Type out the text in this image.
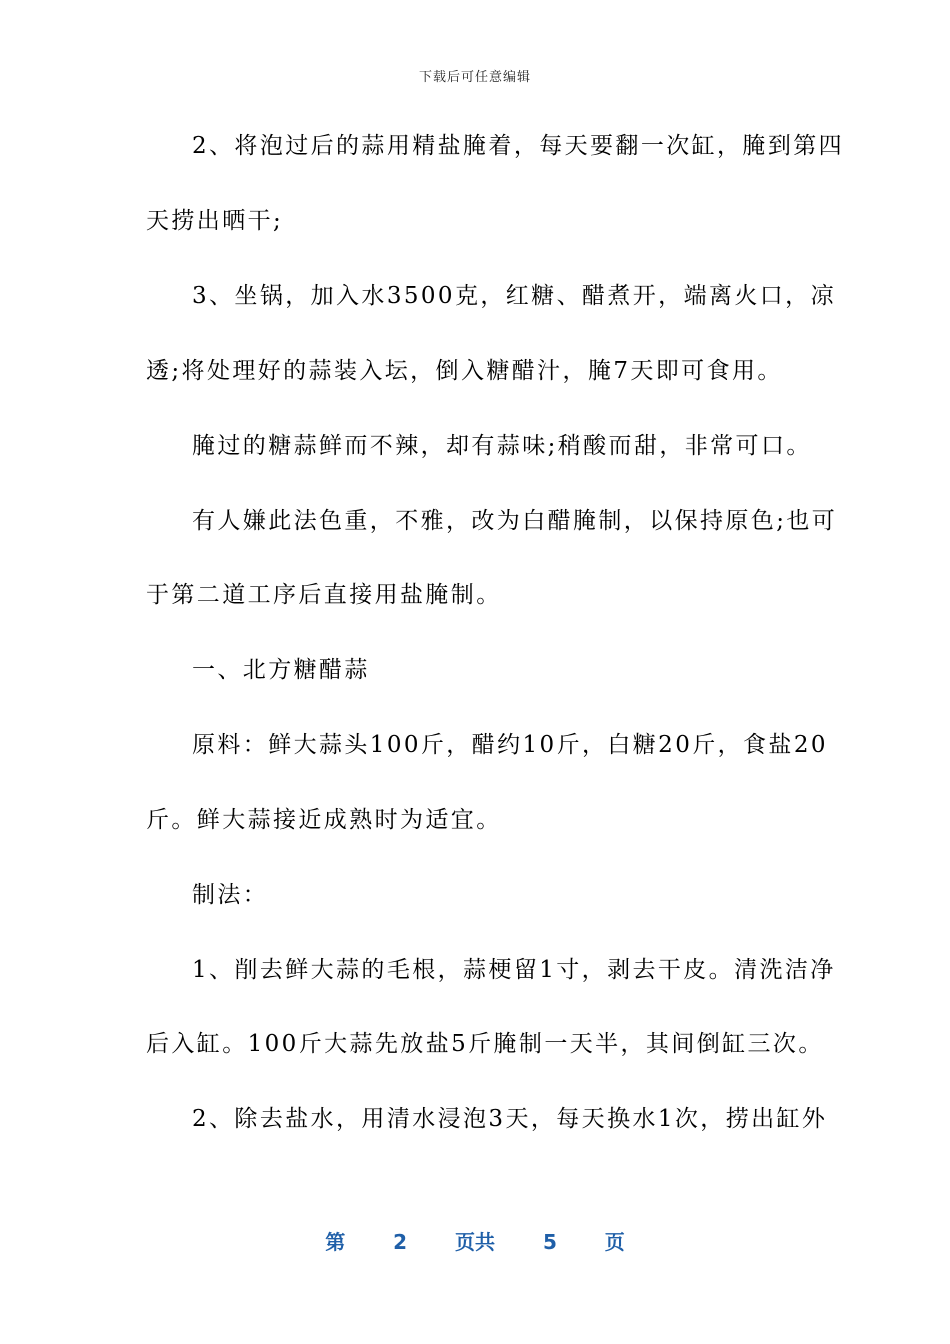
下载后可任意编辑
2、将泡过后的蒜用精盐腌着，每天要翻一次缸，腌到第四
天捞出晒干;
3、坐锅，加入水3500克，红糖、醋煮开，端离火口，凉
透;将处理好的蒜装入坛，倒入糖醋汁，腌7天即可食用。
腌过的糖蒜鲜而不辣，却有蒜味;稍酸而甜，非常可口。
有人嫌此法色重，不雅，改为白醋腌制，以保持原色;也可
于第二道工序后直接用盐腌制。
一、北方糖醋蒜
原料：鲜大蒜头100斤，醋约10斤，白糖20斤，食盐20
斤。鲜大蒜接近成熟时为适宜。
制法：
1、削去鲜大蒜的毛根，蒜梗留1寸，剥去干皮。清洗洁净
后入缸。100斤大蒜先放盐5斤腌制一天半，其间倒缸三次。
2、除去盐水，用清水浸泡3天，每天换水1次，捞出缸外
第 2 页共 5 页
